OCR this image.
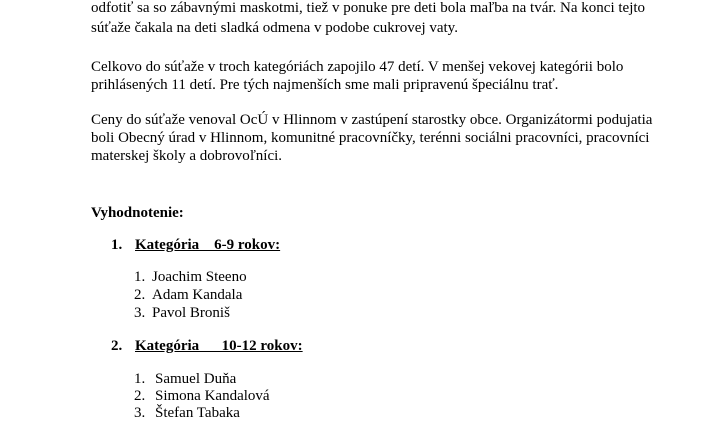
odfotiť sa so zábavnými maskotmi, tiež v ponuke pre deti bola maľba na tvár. Na konci tejto
súťaže čakala na deti sladká odmena v podobe cukrovej vaty.
Celkovo do súťaže v troch kategóriách zapojilo 47 detí. V menšej vekovej kategórii bolo
prihlásených 11 detí. Pre tých najmenších sme mali pripravenú špeciálnu trať.
Ceny do súťaže venoval OcÚ v Hlinnom v zastúpení starostky obce. Organizátormi podujatia
boli Obecný úrad v Hlinnom, komunitné pracovníčky, terénni sociálni pracovníci, pracovníci
materskej školy a dobrovoľníci.
Vyhodnotenie:
1. Kategória    6-9 rokov:
1. Joachim Steeno
2. Adam Kandala
3. Pavol Broniš
2. Kategória      10-12 rokov:
1. Samuel Duňa
2. Simona Kandalová
3. Štefan Tabaka
